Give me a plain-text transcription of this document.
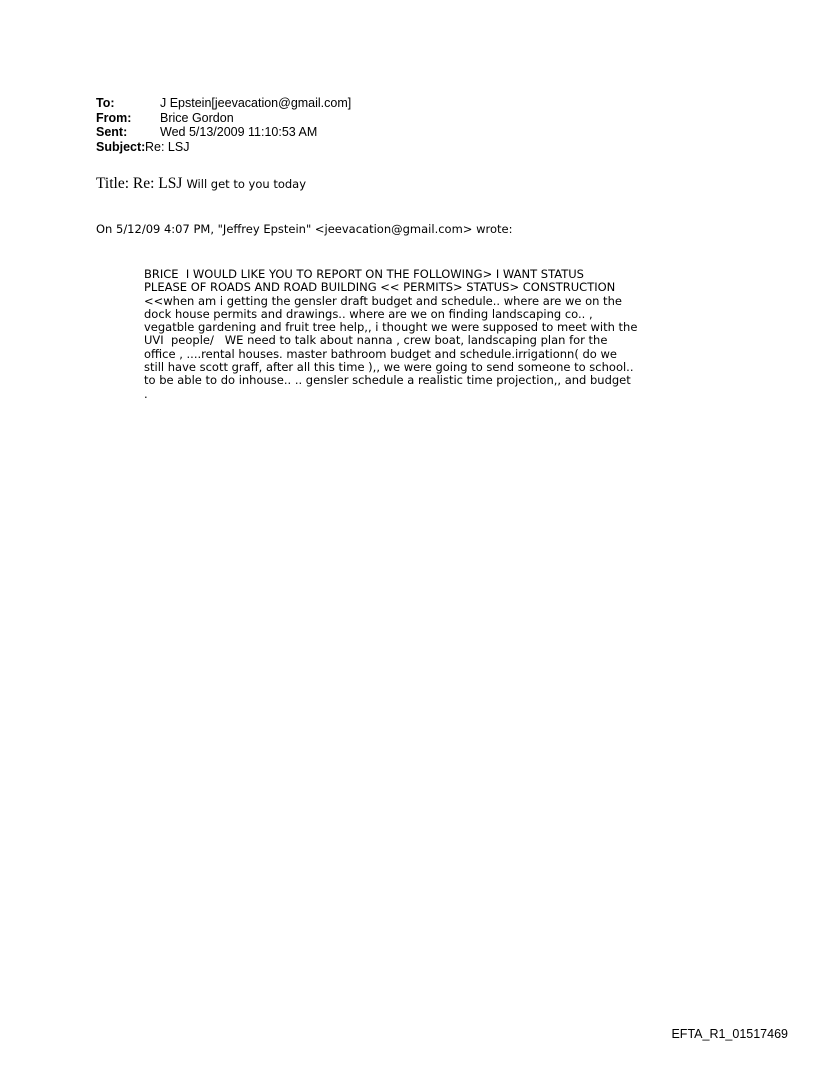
To:	J Epstein[jeevacation@gmail.com]
From:	Brice Gordon
Sent:	Wed 5/13/2009 11:10:53 AM
Subject: Re: LSJ
Title: Re: LSJ Will get to you today
On 5/12/09 4:07 PM, "Jeffrey Epstein" <jeevacation@gmail.com> wrote:
BRICE  I WOULD LIKE YOU TO REPORT ON THE FOLLOWING> I WANT STATUS
PLEASE OF ROADS AND ROAD BUILDING << PERMITS> STATUS> CONSTRUCTION
<<when am i getting the gensler draft budget and schedule.. where are we on the
dock house permits and drawings.. where are we on finding landscaping co.. ,
vegatble gardening and fruit tree help,, i thought we were supposed to meet with the
UVI  people/   WE need to talk about nanna , crew boat, landscaping plan for the
office , ....rental houses. master bathroom budget and schedule.irrigationn( do we
still have scott graff, after all this time ),, we were going to send someone to school..
to be able to do inhouse.. .. gensler schedule a realistic time projection,, and budget
.
EFTA_R1_01517469
